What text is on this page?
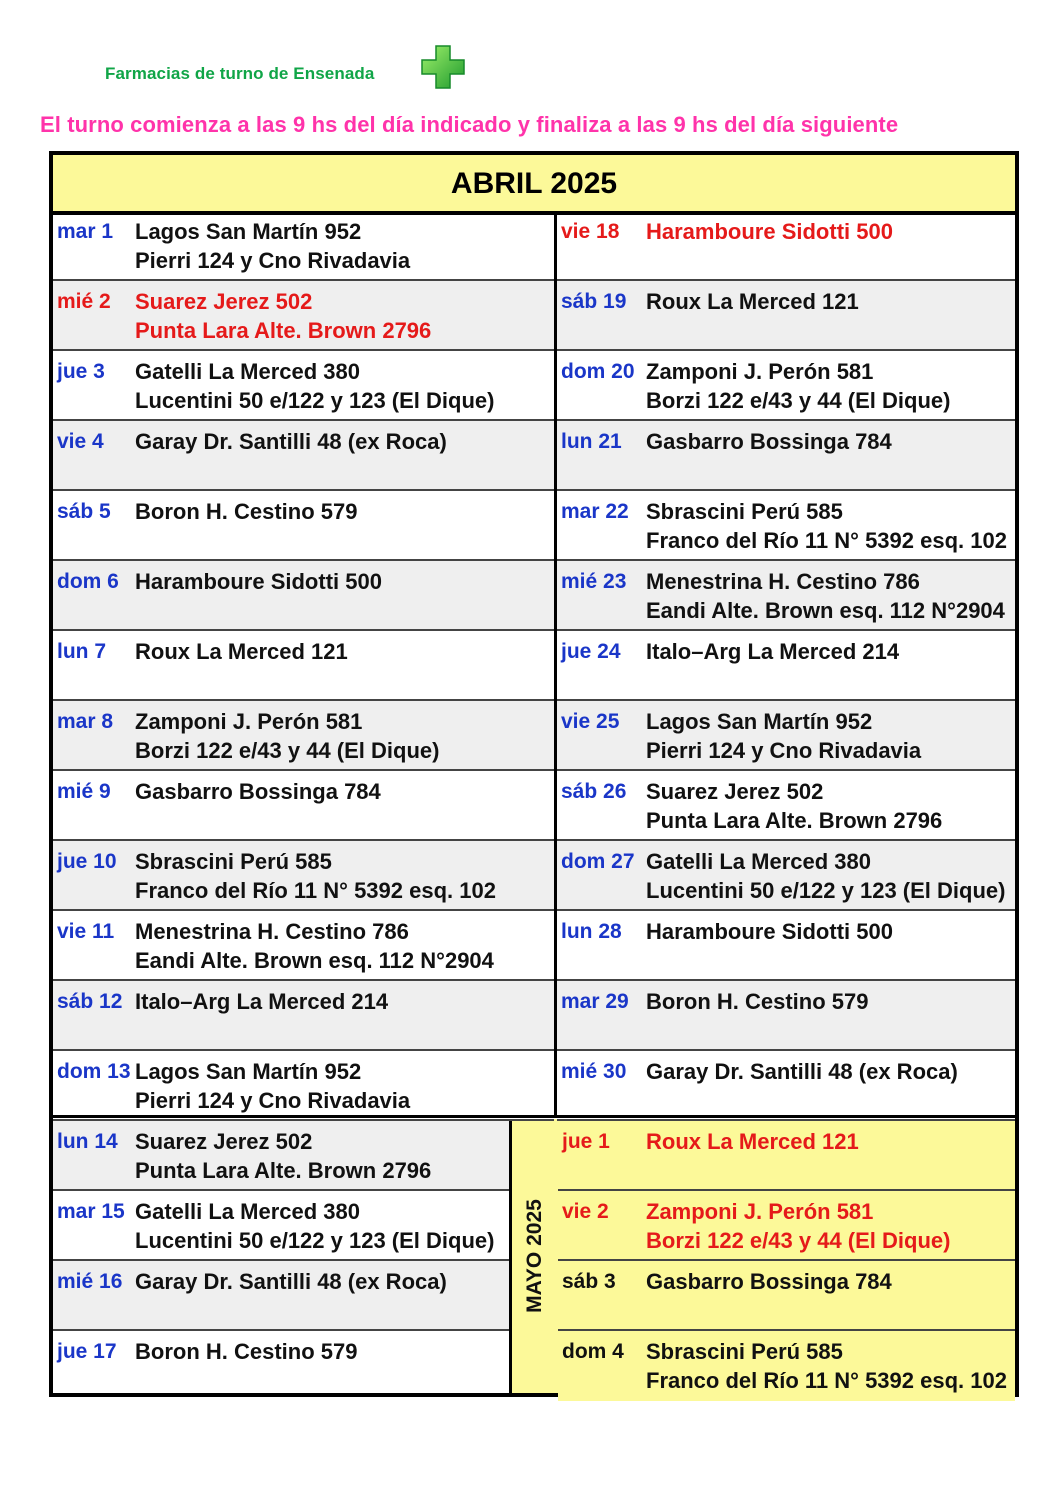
Farmacias de turno de Ensenada
El turno comienza a las 9 hs del día indicado y finaliza a las 9 hs del día siguiente
ABRIL 2025
MAYO 2025
mar 1 Lagos San Martín 952
Pierri 124 y Cno Rivadavia
mié 2	Suarez Jerez 502
Punta Lara Alte. Brown 2796
jue 3	Gatelli La Merced 380
Lucentini 50 e/122 y 123 (El Dique)
vie 4	Garay Dr. Santilli 48 (ex Roca)
sáb 5	Boron H. Cestino 579
dom 6 Haramboure Sidotti 500
lun 7	Roux La Merced 121
mar 8 Zamponi J. Perón 581
Borzi 122 e/43 y 44 (El Dique)
mié 9	Gasbarro Bossinga 784
jue 10 Sbrascini Perú 585
Franco del Río 11 N° 5392 esq. 102
vie 11 Menestrina H. Cestino 786
Eandi Alte. Brown esq. 112 N°2904
sáb 12 Italo–Arg La Merced 214
dom 13 Lagos San Martín 952
Pierri 124 y Cno Rivadavia
lun 14 Suarez Jerez 502
Punta Lara Alte. Brown 2796
mar 15 Gatelli La Merced 380
Lucentini 50 e/122 y 123 (El Dique)
mié 16 Garay Dr. Santilli 48 (ex Roca)
jue 17 Boron H. Cestino 579
vie 18	Haramboure Sidotti 500
sáb 19 Roux La Merced 121
dom 20 Zamponi J. Perón 581
Borzi 122 e/43 y 44 (El Dique)
lun 21	Gasbarro Bossinga 784
mar 22 Sbrascini Perú 585
Franco del Río 11 N° 5392 esq. 102
mié 23 Menestrina H. Cestino 786
Eandi Alte. Brown esq. 112 N°2904
jue 24	Italo–Arg La Merced 214
vie 25	Lagos San Martín 952
Pierri 124 y Cno Rivadavia
sáb 26 Suarez Jerez 502
Punta Lara Alte. Brown 2796
dom 27 Gatelli La Merced 380
Lucentini 50 e/122 y 123 (El Dique)
lun 28	Haramboure Sidotti 500
mar 29 Boron H. Cestino 579
mié 30 Garay Dr. Santilli 48 (ex Roca)
jue 1	Roux La Merced 121
vie 2	Zamponi J. Perón 581
Borzi 122 e/43 y 44 (El Dique)
sáb 3	Gasbarro Bossinga 784
dom 4	Sbrascini Perú 585
Franco del Río 11 N° 5392 esq. 102
